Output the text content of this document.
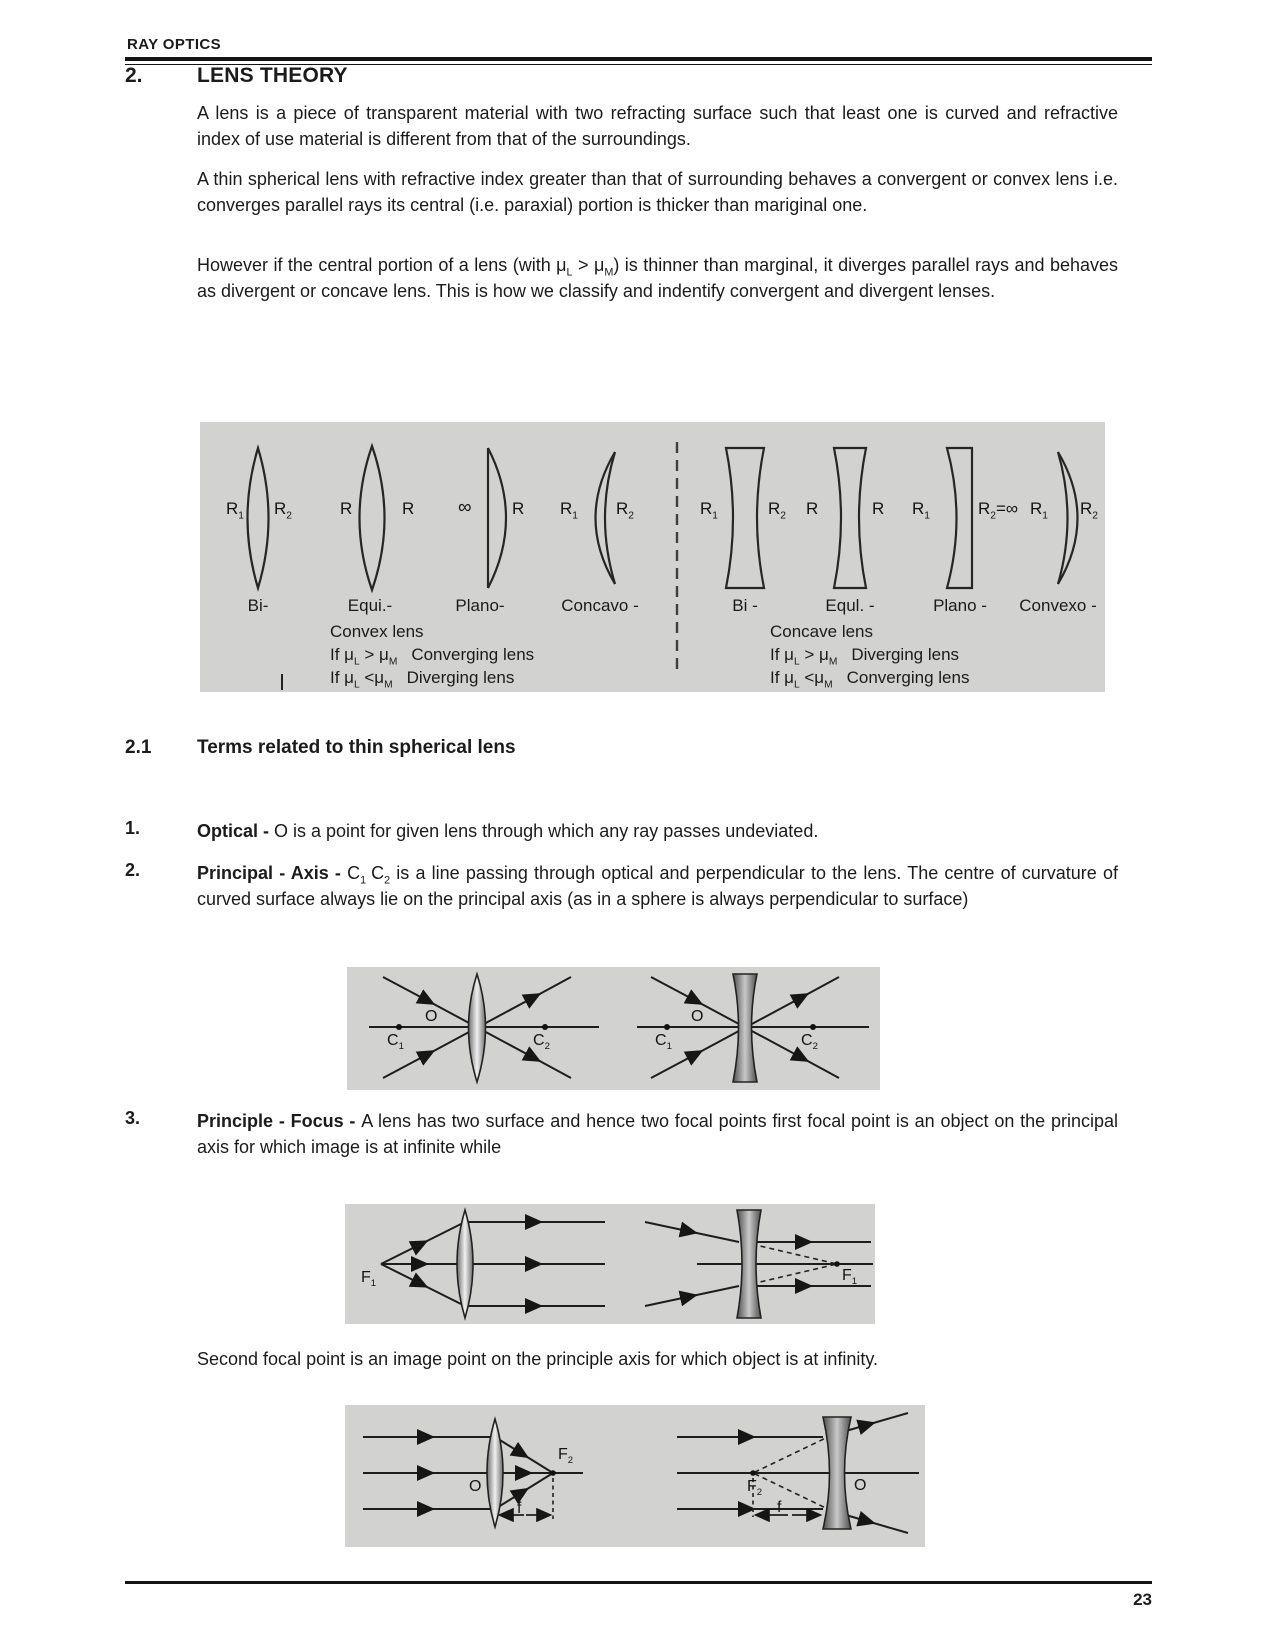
RAY OPTICS
2.	LENS THEORY
A lens is a piece of transparent material with two refracting surface such that least one is curved and refractive index of use material is different from that of the surroundings.
A thin spherical lens with refractive index greater than that of surrounding behaves a convergent or convex lens i.e. converges parallel rays its central (i.e. paraxial) portion is thicker than mariginal one.
However if the central portion of a lens (with $\mu_L > \mu_M$) is thinner than marginal, it diverges parallel rays and behaves as divergent or concave lens. This is how we classify and indentify convergent and divergent lenses.
$R_1$ $R_2$	R	R ∞ R $R_1$ $R_2$	$R_1$	$R_2$ R	R $R_1$	$R_2=\infty$ $R_1$ $R_2$
Bi-	Equi.-	Plano-	Concavo -	Bi -	Equl. -	Plano - Convexo -
Convex lens
If $\mu_L > \mu_M$ Converging lens
If $\mu_L <\mu_M$ Diverging lens
Concave lens
If $\mu_L > \mu_M$ Diverging lens
If $\mu_L <\mu_M$ Converging lens
2.1 Terms related to thin spherical lens
1.	Optical - O is a point for given lens through which any ray passes undeviated.
2.	Principal - Axis - $C_1$ $C_2$ is a line passing through optical and perpendicular to the lens. The centre of curvature of curved surface always lie on the principal axis (as in a sphere is always perpendicular to surface)
$C_1$
O
$C_2$	$C_1$
O
$C_2$
3.	Principle - Focus - A lens has two surface and hence two focal points first focal point is an object on the principal axis for which image is at infinite while
$F_1$	$F_1$
Second focal point is an image point on the principle axis for which object is at infinity.
$F_2$
O
f
$F_2$	O
f
23
